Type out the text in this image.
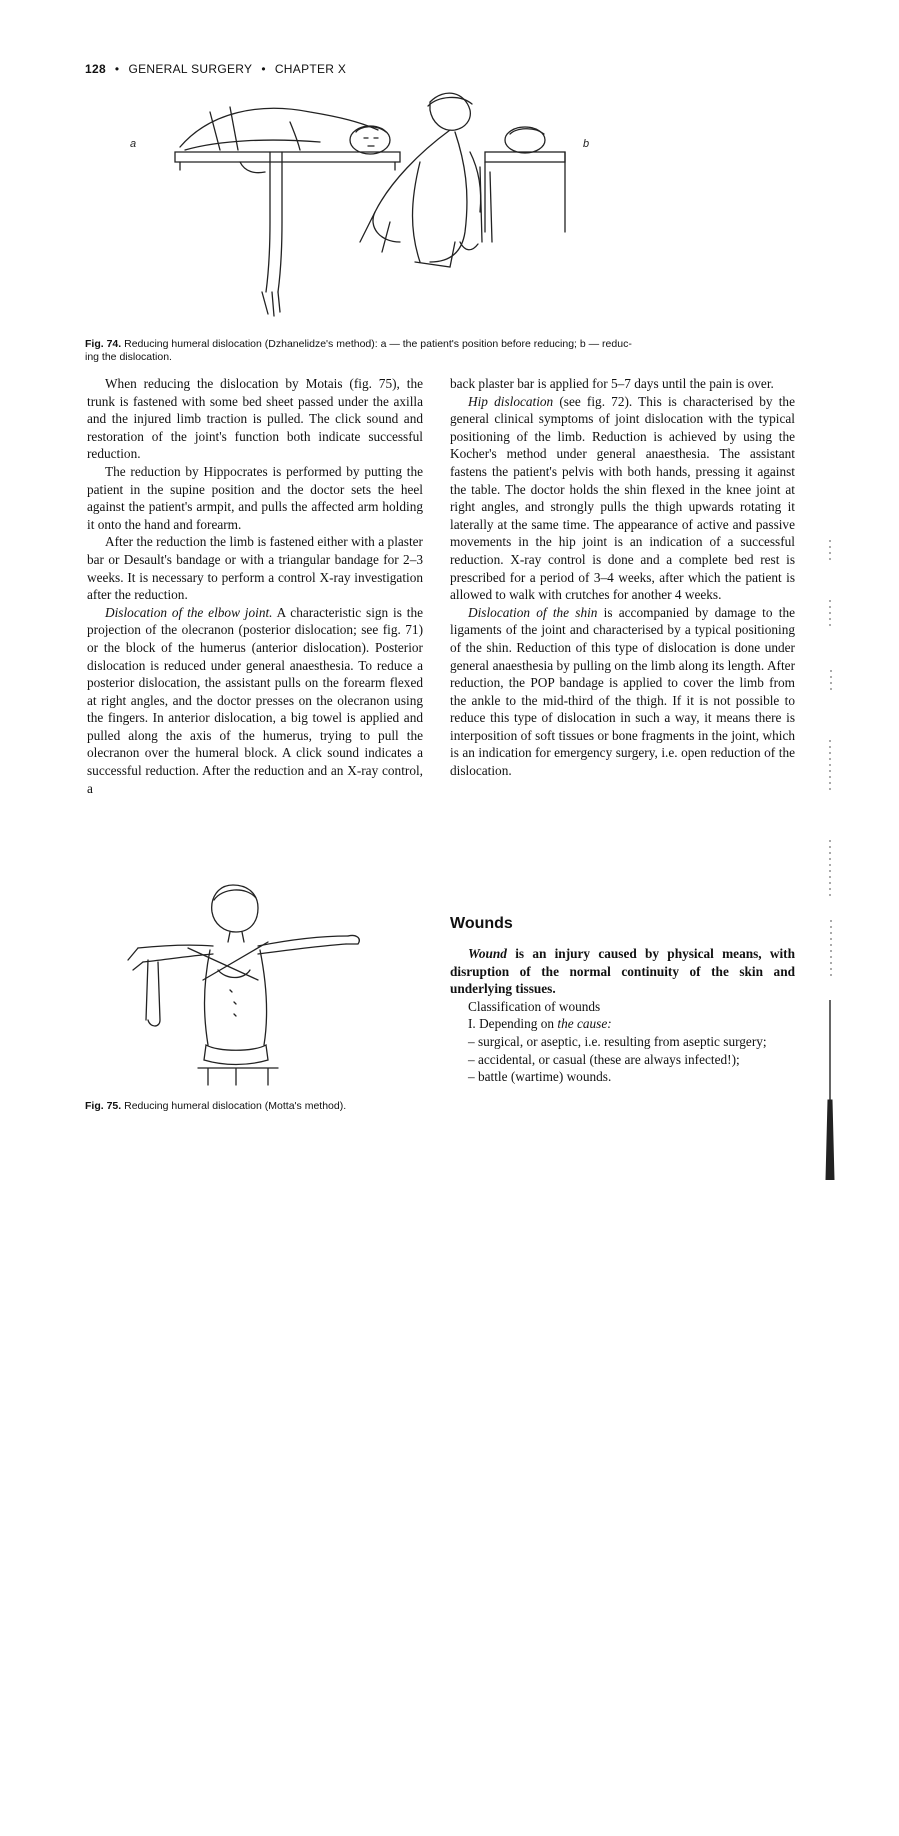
128 • GENERAL SURGERY • CHAPTER X
a	b
Fig. 74. Reducing humeral dislocation (Dzhanelidze's method): a — the patient's position before reducing; b — reduc-
ing the dislocation.

When reducing the dislocation by Motais (fig. 75), the trunk is fastened with some bed sheet passed under the axilla and the injured limb traction is pulled. The click sound and restoration of the joint's function both indicate successful reduction.

The reduction by Hippocrates is performed by putting the patient in the supine position and the doctor sets the heel against the patient's armpit, and pulls the affected arm holding it onto the hand and forearm.

After the reduction the limb is fastened either with a plaster bar or Desault's bandage or with a triangular bandage for 2–3 weeks. It is necessary to perform a control X-ray investigation after the reduction.

Dislocation of the elbow joint. A characteristic sign is the projection of the olecranon (posterior dislocation; see fig. 71) or the block of the humerus (anterior dislocation). Posterior dislocation is reduced under general anaesthesia. To reduce a posterior dislocation, the assistant pulls on the forearm flexed at right angles, and the doctor presses on the olecranon using the fingers. In anterior dislocation, a big towel is applied and pulled along the axis of the humerus, trying to pull the olecranon over the humeral block. A click sound indicates a successful reduction. After the reduction and an X-ray control, a

back plaster bar is applied for 5–7 days until the pain is over.

Hip dislocation (see fig. 72). This is characterised by the general clinical symptoms of joint dislocation with the typical positioning of the limb. Reduction is achieved by using the Kocher's method under general anaesthesia. The assistant fastens the patient's pelvis with both hands, pressing it against the table. The doctor holds the shin flexed in the knee joint at right angles, and strongly pulls the thigh upwards rotating it laterally at the same time. The appearance of active and passive movements in the hip joint is an indication of a successful reduction. X-ray control is done and a complete bed rest is prescribed for a period of 3–4 weeks, after which the patient is allowed to walk with crutches for another 4 weeks.

Dislocation of the shin is accompanied by damage to the ligaments of the joint and characterised by a typical positioning of the shin. Reduction of this type of dislocation is done under general anaesthesia by pulling on the limb along its length. After reduction, the POP bandage is applied to cover the limb from the ankle to the mid-third of the thigh. If it is not possible to reduce this type of dislocation in such a way, it means there is interposition of soft tissues or bone fragments in the joint, which is an indication for emergency surgery, i.e. open reduction of the dislocation.

Fig. 75. Reducing humeral dislocation (Motta's method).
Wounds

Wound is an injury caused by physical means, with disruption of the normal continuity of the skin and underlying tissues.

Classification of wounds

I. Depending on the cause:

– surgical, or aseptic, i.e. resulting from aseptic surgery;

– accidental, or casual (these are always infected!);

– battle (wartime) wounds.
